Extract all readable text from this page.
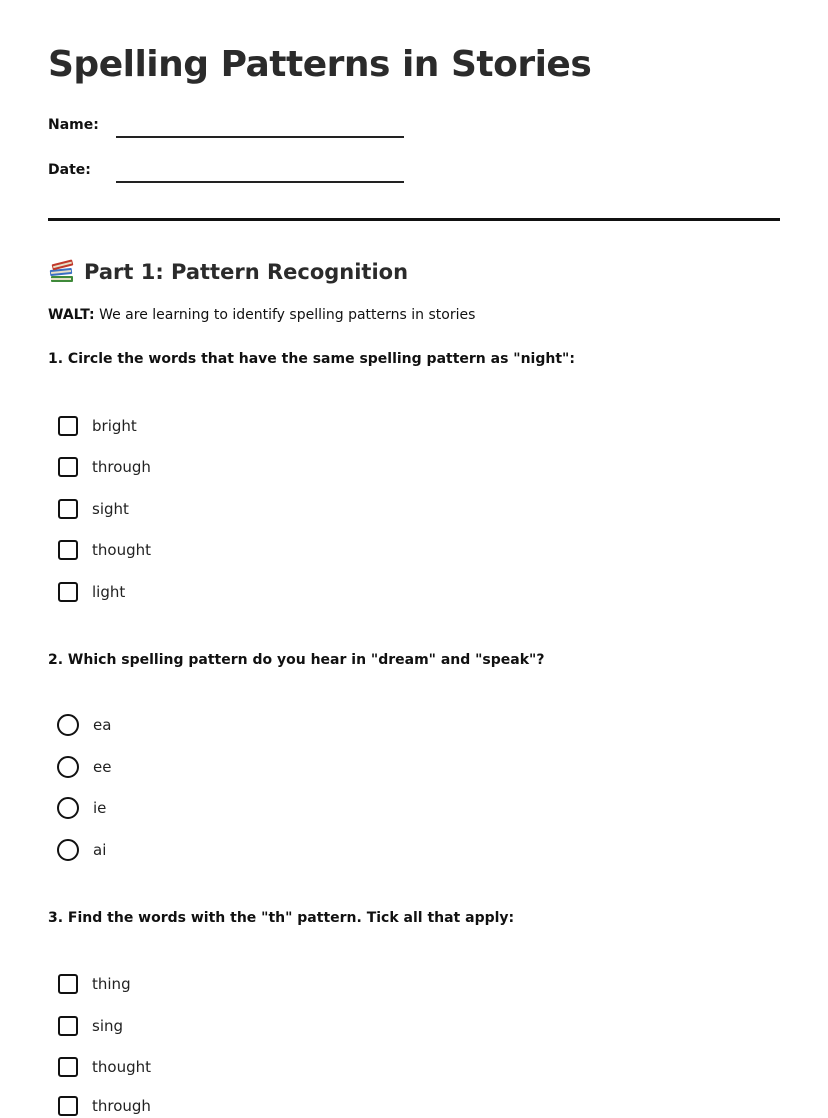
Spelling Patterns in Stories
Name:
Date:
Part 1: Pattern Recognition
WALT: We are learning to identify spelling patterns in stories
1. Circle the words that have the same spelling pattern as "night":
bright
through
sight
thought
light
2. Which spelling pattern do you hear in "dream" and "speak"?
ea
ee
ie
ai
3. Find the words with the "th" pattern. Tick all that apply:
thing
sing
thought
through
